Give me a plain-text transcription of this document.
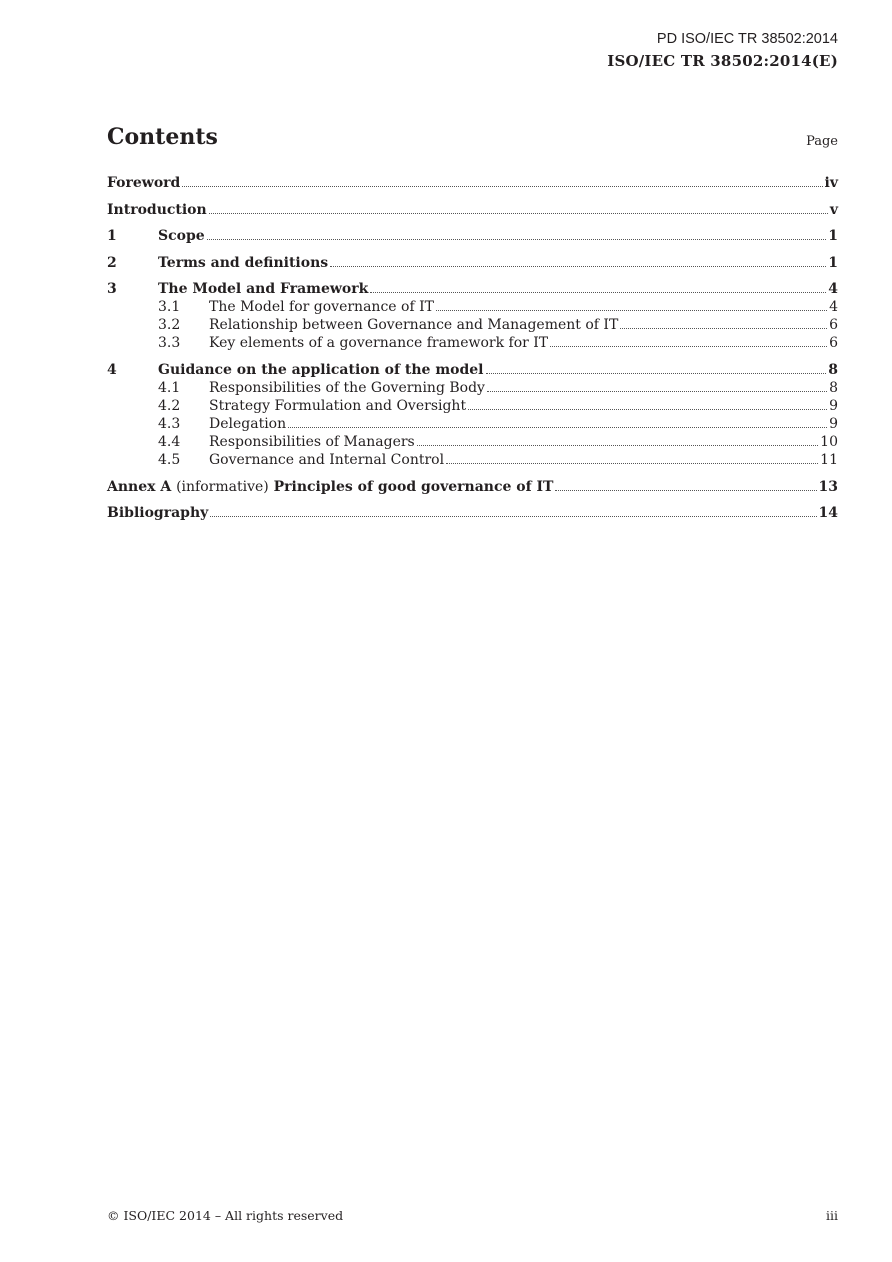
PD ISO/IEC TR 38502:2014
ISO/IEC TR 38502:2014(E)
Contents	Page
Foreword	iv
Introduction	v
1	Scope	1
2	Terms and definitions	1
3	The Model and Framework	4
3.1	The Model for governance of IT	4
3.2	Relationship between Governance and Management of IT	6
3.3	Key elements of a governance framework for IT	6
4	Guidance on the application of the model	8
4.1	Responsibilities of the Governing Body	8
4.2	Strategy Formulation and Oversight	9
4.3	Delegation	9
4.4	Responsibilities of Managers	10
4.5	Governance and Internal Control	11
Annex A (informative) Principles of good governance of IT	13
Bibliography	14
© ISO/IEC 2014 – All rights reserved	iii
